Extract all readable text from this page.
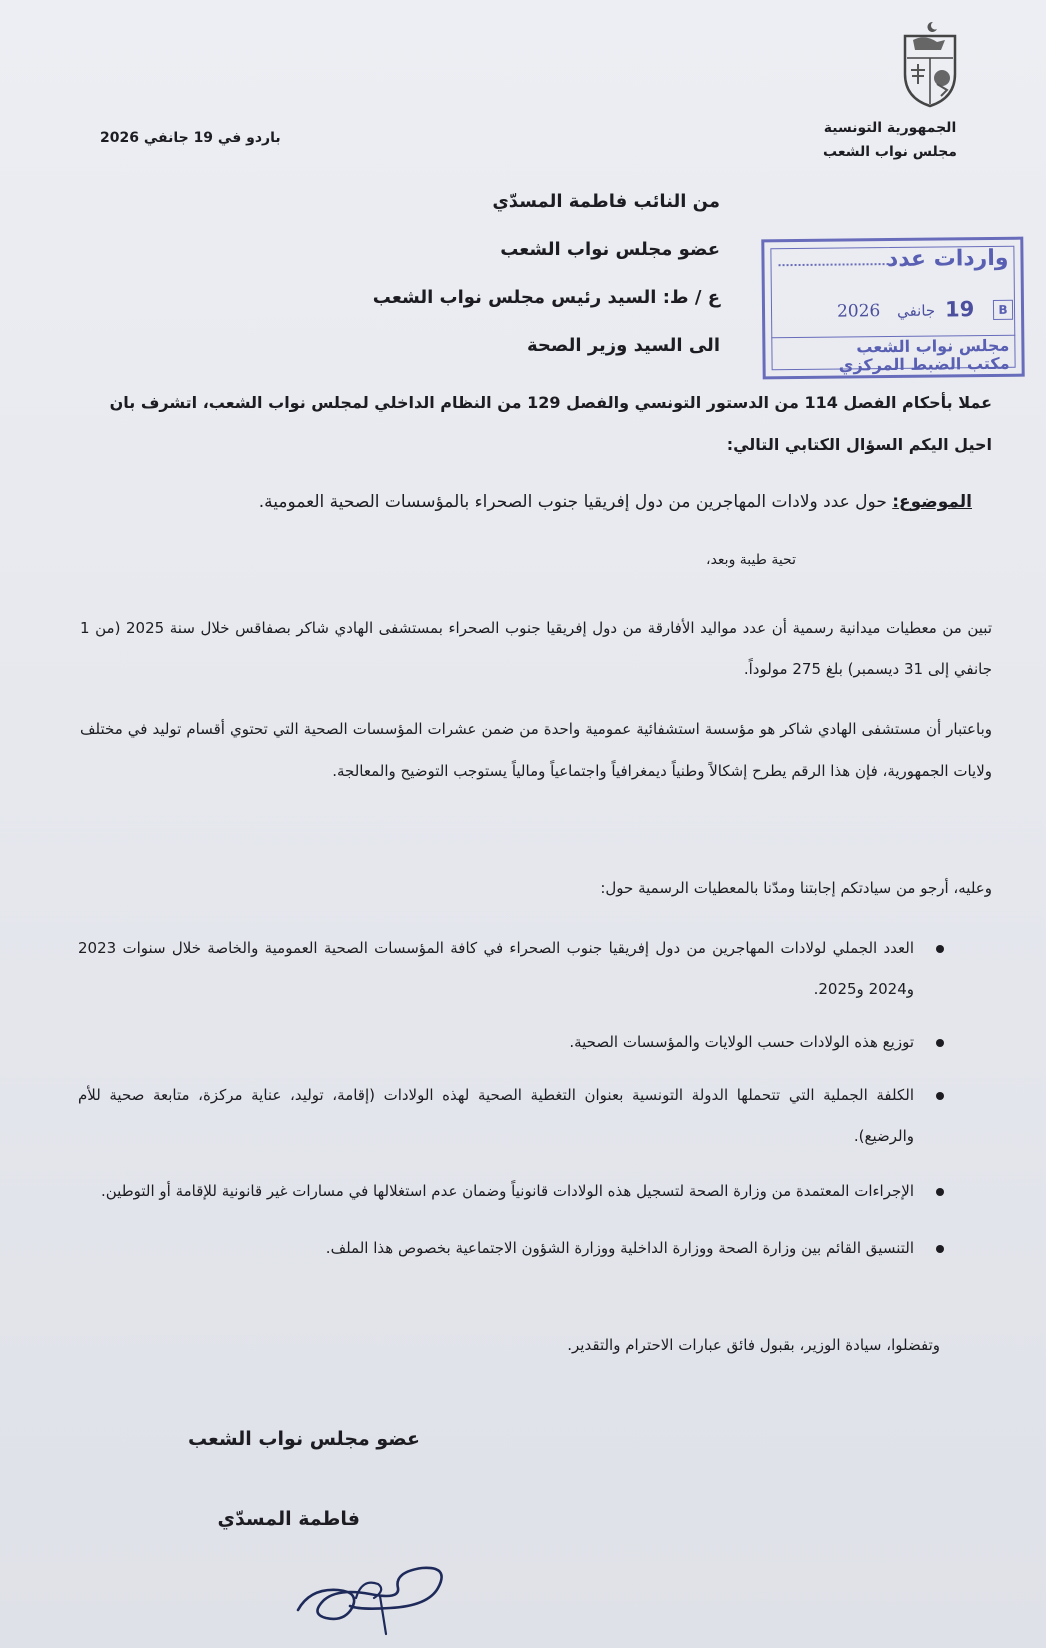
الجمهورية التونسية
مجلس نواب الشعب
باردو في 19 جانفي 2026
من النائب فاطمة المسدّي
عضو مجلس نواب الشعب
ع / ط: السيد رئيس مجلس نواب الشعب
الى السيد وزير الصحة
واردات عدد
2026 جانفي 19	B
مجلس نواب الشعب
مكتب الضبط المركزي
عملا بأحكام الفصل 114 من الدستور التونسي والفصل 129 من النظام الداخلي لمجلس نواب الشعب، اتشرف بان احيل اليكم السؤال الكتابي التالي:
الموضوع: حول عدد ولادات المهاجرين من دول إفريقيا جنوب الصحراء بالمؤسسات الصحية العمومية.
تحية طيبة وبعد،
تبين من معطيات ميدانية رسمية أن عدد مواليد الأفارقة من دول إفريقيا جنوب الصحراء بمستشفى الهادي شاكر بصفاقس خلال سنة 2025 (من 1 جانفي إلى 31 ديسمبر) بلغ 275 مولوداً.
وباعتبار أن مستشفى الهادي شاكر هو مؤسسة استشفائية عمومية واحدة من ضمن عشرات المؤسسات الصحية التي تحتوي أقسام توليد في مختلف ولايات الجمهورية، فإن هذا الرقم يطرح إشكالاً وطنياً ديمغرافياً واجتماعياً ومالياً يستوجب التوضيح والمعالجة.
وعليه، أرجو من سيادتكم إجابتنا ومدّنا بالمعطيات الرسمية حول:
العدد الجملي لولادات المهاجرين من دول إفريقيا جنوب الصحراء في كافة المؤسسات الصحية العمومية والخاصة خلال سنوات 2023 و2024 و2025.
توزيع هذه الولادات حسب الولايات والمؤسسات الصحية.
الكلفة الجملية التي تتحملها الدولة التونسية بعنوان التغطية الصحية لهذه الولادات (إقامة، توليد، عناية مركزة، متابعة صحية للأم والرضيع).
الإجراءات المعتمدة من وزارة الصحة لتسجيل هذه الولادات قانونياً وضمان عدم استغلالها في مسارات غير قانونية للإقامة أو التوطين.
التنسيق القائم بين وزارة الصحة ووزارة الداخلية ووزارة الشؤون الاجتماعية بخصوص هذا الملف.
وتفضلوا، سيادة الوزير، بقبول فائق عبارات الاحترام والتقدير.
عضو مجلس نواب الشعب
فاطمة المسدّي
